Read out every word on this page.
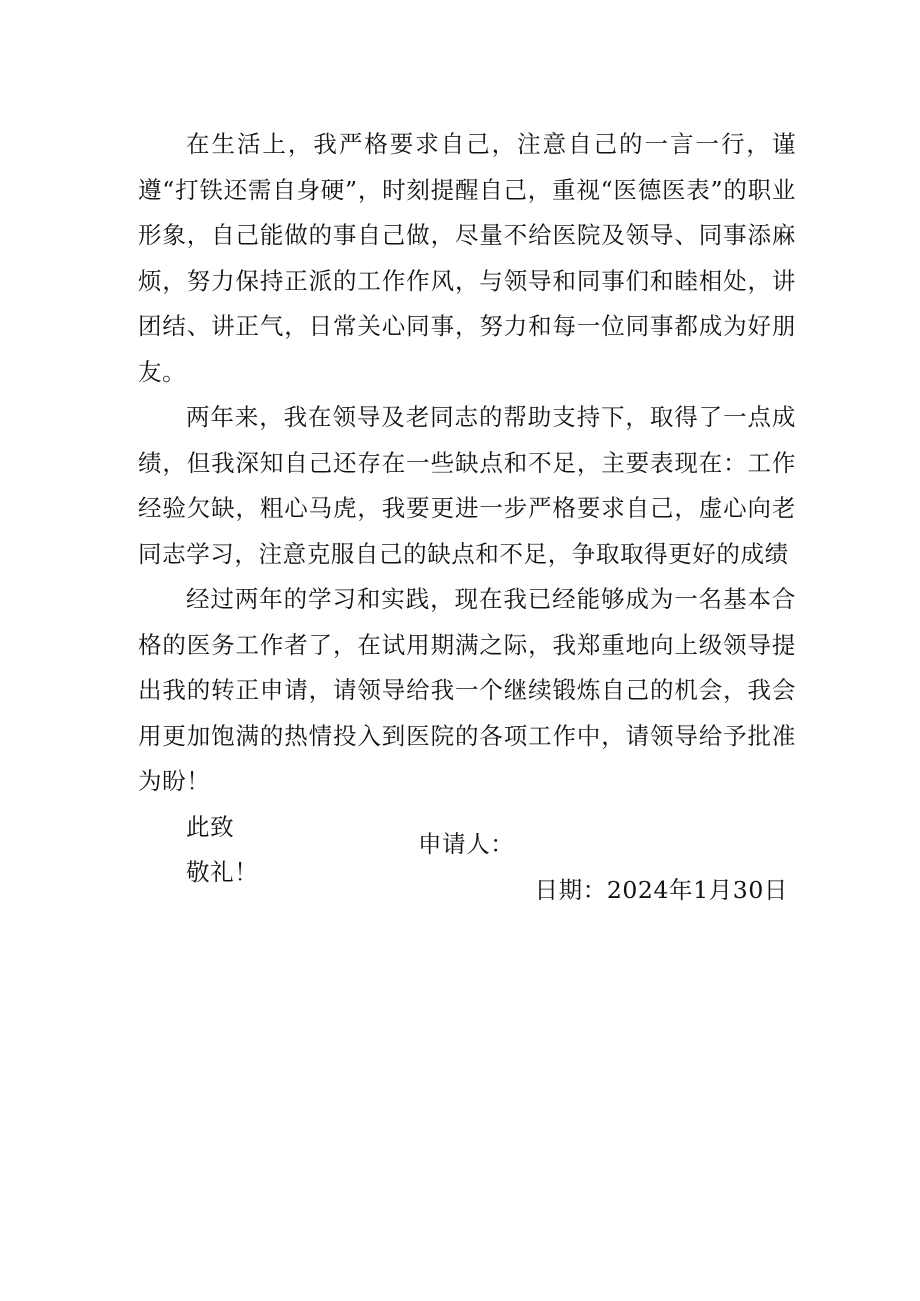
在生活上，我严格要求自己，注意自己的一言一行，谨遵“打铁还需自身硬”，时刻提醒自己，重视“医德医表”的职业形象，自己能做的事自己做，尽量不给医院及领导、同事添麻烦，努力保持正派的工作作风，与领导和同事们和睦相处，讲团结、讲正气，日常关心同事，努力和每一位同事都成为好朋友。

两年来，我在领导及老同志的帮助支持下，取得了一点成绩，但我深知自己还存在一些缺点和不足，主要表现在：工作经验欠缺，粗心马虎，我要更进一步严格要求自己，虚心向老同志学习，注意克服自己的缺点和不足，争取取得更好的成绩

经过两年的学习和实践，现在我已经能够成为一名基本合格的医务工作者了，在试用期满之际，我郑重地向上级领导提出我的转正申请，请领导给我一个继续锻炼自己的机会，我会用更加饱满的热情投入到医院的各项工作中，请领导给予批准为盼！

此致

敬礼！

申请人：
日期：2024年1月30日
